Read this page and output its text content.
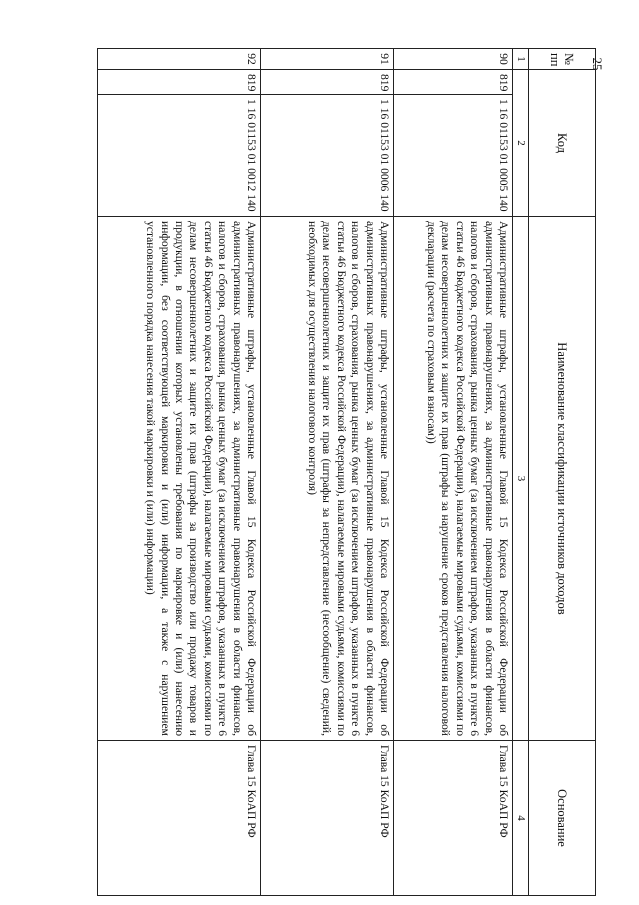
25
№ пп	Код		Наименование классификации источников доходов	Основание
1	2		3	4
90	819	1 16 01153 01 0005 140	Административные штрафы, установленные Главой 15 Кодекса Российской Федерации об административных правонарушениях, за административные правонарушения в области финансов, налогов и сборов, страхования, рынка ценных бумаг (за исключением штрафов, указанных в пункте 6 статьи 46 Бюджетного кодекса Российской Федерации), налагаемые мировыми судьями, комиссиями по делам несовершеннолетних и защите их прав (штрафы за нарушение сроков представления налоговой декларации (расчета по страховым взносам))	Глава 15 КоАП РФ
91	819	1 16 01153 01 0006 140	Административные штрафы, установленные Главой 15 Кодекса Российской Федерации об административных правонарушениях, за административные правонарушения в области финансов, налогов и сборов, страхования, рынка ценных бумаг (за исключением штрафов, указанных в пункте 6 статьи 46 Бюджетного кодекса Российской Федерации), налагаемые мировыми судьями, комиссиями по делам несовершеннолетних и защите их прав (штрафы за непредставление (несообщение) сведений, необходимых для осуществления налогового контроля)	Глава 15 КоАП РФ
92	819	1 16 01153 01 0012 140	Административные штрафы, установленные Главой 15 Кодекса Российской Федерации об административных правонарушениях, за административные правонарушения в области финансов, налогов и сборов, страхования, рынка ценных бумаг (за исключением штрафов, указанных в пункте 6 статьи 46 Бюджетного кодекса Российской Федерации), налагаемые мировыми судьями, комиссиями по делам несовершеннолетних и защите их прав (штрафы за производство или продажу товаров и продукции, в отношении которых установлены требования по маркировке и (или) нанесению информации, без соответствующей маркировки и (или) информации, а также с нарушением установленного порядка нанесения такой маркировки и (или) информации)	Глава 15 КоАП РФ
